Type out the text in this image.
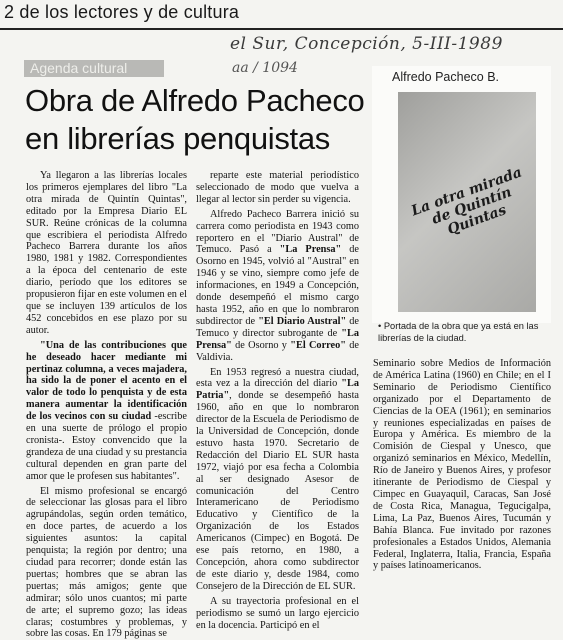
2 de los lectores y de cultura
el Sur, Concepción, 5-III-1989
aa / 1094
Agenda cultural
Obra de Alfredo Pacheco
en librerías penquistas

Ya llegaron a las librerías locales los primeros ejemplares del libro "La otra mirada de Quintín Quintas", editado por la Empresa Diario EL SUR. Reúne crónicas de la columna que escribiera el periodista Alfredo Pacheco Barrera durante los años 1980, 1981 y 1982. Correspondientes a la época del centenario de este diario, período que los editores se propusieron fijar en este volumen en el que se incluyen 139 artículos de los 452 concebidos en ese plazo por su autor.

"Una de las contribuciones que he deseado hacer mediante mi pertinaz columna, a veces majadera, ha sido la de poner el acento en el valor de todo lo penquista y de esta manera aumentar la identificación de los vecinos con su ciudad -escribe en una suerte de prólogo el propio cronista-. Estoy convencido que la grandeza de una ciudad y su prestancia cultural dependen en gran parte del amor que le profesen sus habitantes".

El mismo profesional se encargó de seleccionar las glosas para el libro agrupándolas, según orden temático, en doce partes, de acuerdo a los siguientes asuntos: la capital penquista; la región por dentro; una ciudad para recorrer; donde están las puertas; hombres que se abran las puertas; más amigos; gente que admirar; sólo unos cuantos; mi parte de arte; el supremo gozo; las ideas claras; costumbres y problemas, y sobre las cosas. En 179 páginas se

reparte este material periodístico seleccionado de modo que vuelva a llegar al lector sin perder su vigencia.

Alfredo Pacheco Barrera inició su carrera como periodista en 1943 como reportero en el "Diario Austral" de Temuco. Pasó a "La Prensa" de Osorno en 1945, volvió al "Austral" en 1946 y se vino, siempre como jefe de informaciones, en 1949 a Concepción, donde desempeñó el mismo cargo hasta 1952, año en que lo nombraron subdirector de "El Diario Austral" de Temuco y director subrogante de "La Prensa" de Osorno y "El Correo" de Valdivia.

En 1953 regresó a nuestra ciudad, esta vez a la dirección del diario "La Patria", donde se desempeñó hasta 1960, año en que lo nombraron director de la Escuela de Periodismo de la Universidad de Concepción, donde estuvo hasta 1970. Secretario de Redacción del Diario EL SUR hasta 1972, viajó por esa fecha a Colombia al ser designado Asesor de comunicación del Centro Interamericano de Periodismo Educativo y Científico de la Organización de los Estados Americanos (Cimpec) en Bogotá. De ese país retorno, en 1980, a Concepción, ahora como subdirector de este diario y, desde 1984, como Consejero de la Dirección de EL SUR.

A su trayectoria profesional en el periodismo se sumó un largo ejercicio en la docencia. Participó en el

Alfredo Pacheco B.
La otra mirada de Quintín Quintas
• Portada de la obra que ya está en las librerías de la ciudad.

Seminario sobre Medios de Información de América Latina (1960) en Chile; en el I Seminario de Periodismo Científico organizado por el Departamento de Ciencias de la OEA (1961); en seminarios y reuniones especializadas en países de Europa y América. Es miembro de la Comisión de Ciespal y Unesco, que organizó seminarios en México, Medellín, Río de Janeiro y Buenos Aires, y profesor itinerante de Periodismo de Ciespal y Cimpec en Guayaquil, Caracas, San José de Costa Rica, Managua, Tegucigalpa, Lima, La Paz, Buenos Aires, Tucumán y Bahía Blanca. Fue invitado por razones profesionales a Estados Unidos, Alemania Federal, Inglaterra, Italia, Francia, España y países latinoamericanos.
